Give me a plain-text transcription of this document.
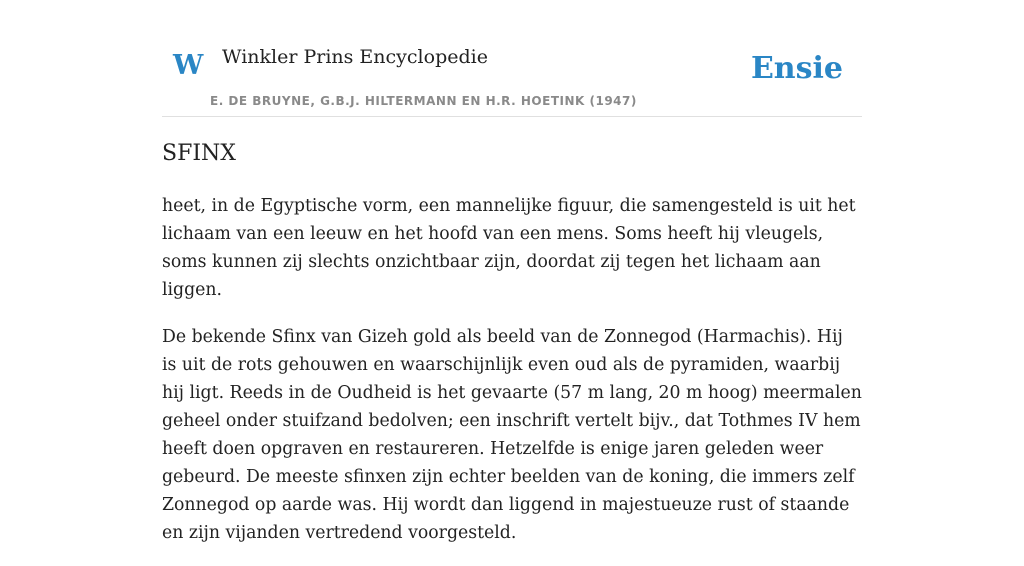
W Winkler Prins Encyclopedie
E. DE BRUYNE, G.B.J. HILTERMANN EN H.R. HOETINK (1947)
Ensie
SFINX

heet, in de Egyptische vorm, een mannelijke figuur, die samengesteld is uit het lichaam van een leeuw en het hoofd van een mens. Soms heeft hij vleugels, soms kunnen zij slechts onzichtbaar zijn, doordat zij tegen het lichaam aan liggen.

De bekende Sfinx van Gizeh gold als beeld van de Zonnegod (Harmachis). Hij is uit de rots gehouwen en waarschijnlijk even oud als de pyramiden, waarbij hij ligt. Reeds in de Oudheid is het gevaarte (57 m lang, 20 m hoog) meermalen geheel onder stuifzand bedolven; een inschrift vertelt bijv., dat Tothmes IV hem heeft doen opgraven en restaureren. Hetzelfde is enige jaren geleden weer gebeurd. De meeste sfinxen zijn echter beelden van de koning, die immers zelf Zonnegod op aarde was. Hij wordt dan liggend in majestueuze rust of staande en zijn vijanden vertredend voorgesteld.
